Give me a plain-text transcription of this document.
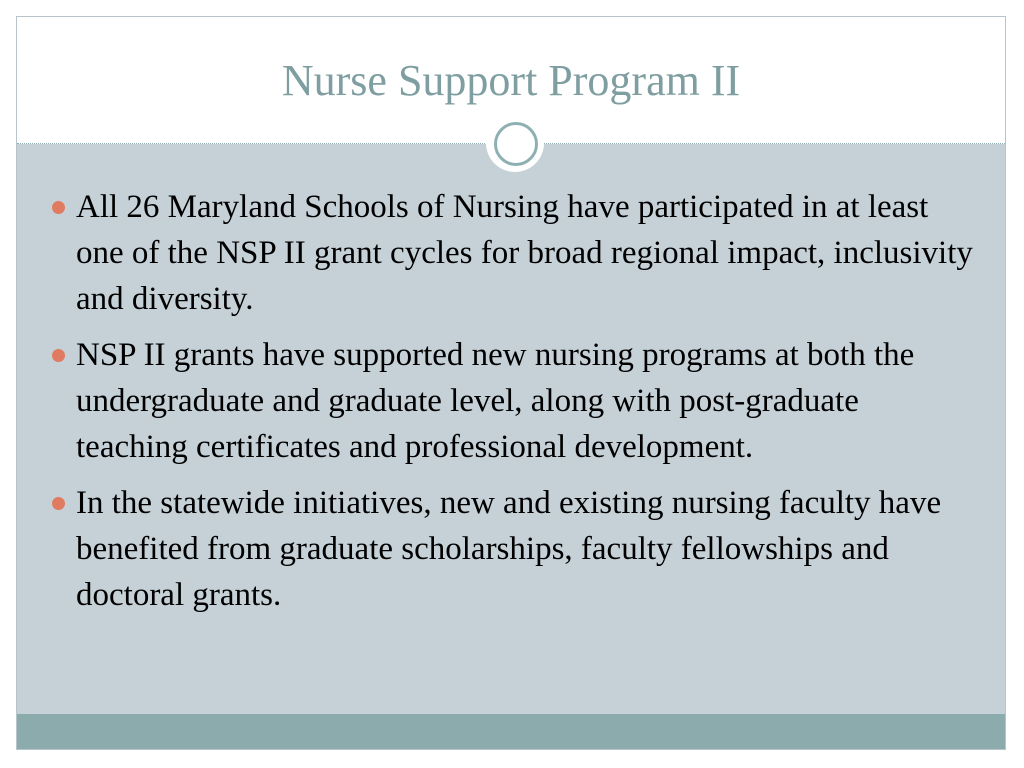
Nurse Support Program II
All 26 Maryland Schools of Nursing have participated in at least one of the NSP II grant cycles for broad regional impact, inclusivity and diversity.
NSP II grants have supported new nursing programs at both the undergraduate and graduate level, along with post-graduate teaching certificates and professional development.
In the statewide initiatives, new and existing nursing faculty have benefited from graduate scholarships, faculty fellowships and doctoral grants.
